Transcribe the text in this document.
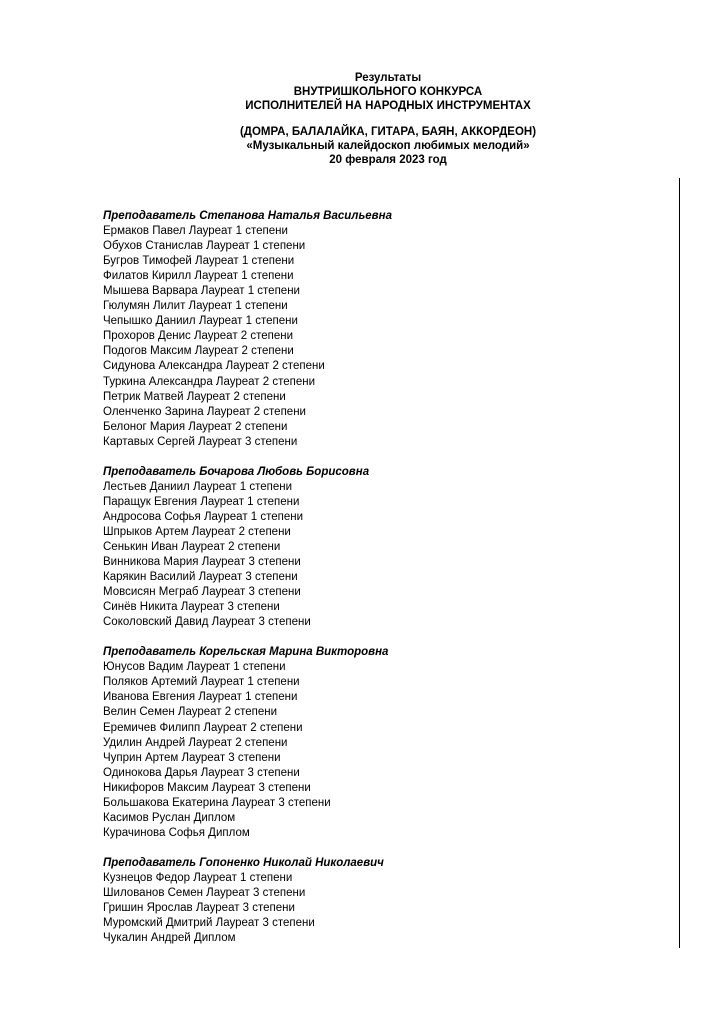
Результаты
ВНУТРИШКОЛЬНОГО КОНКУРСА
ИСПОЛНИТЕЛЕЙ НА НАРОДНЫХ ИНСТРУМЕНТАХ
(ДОМРА, БАЛАЛАЙКА, ГИТАРА, БАЯН, АККОРДЕОН)
«Музыкальный калейдоскоп любимых мелодий»
20 февраля 2023 год
Преподаватель Степанова Наталья Васильевна
Ермаков Павел Лауреат 1 степени
Обухов Станислав Лауреат 1 степени
Бугров Тимофей Лауреат 1 степени
Филатов Кирилл Лауреат 1 степени
Мышева Варвара Лауреат 1 степени
Гюлумян Лилит Лауреат 1 степени
Чепышко Даниил Лауреат 1 степени
Прохоров Денис Лауреат 2 степени
Подогов Максим Лауреат 2 степени
Сидунова Александра Лауреат 2 степени
Туркина Александра Лауреат 2 степени
Петрик Матвей Лауреат 2 степени
Оленченко Зарина Лауреат 2 степени
Белоног Мария Лауреат 2 степени
Картавых Сергей Лауреат 3 степени
Преподаватель Бочарова Любовь Борисовна
Лестьев Даниил Лауреат 1 степени
Паращук Евгения Лауреат 1 степени
Андросова Софья Лауреат 1 степени
Шпрыков Артем Лауреат 2 степени
Сенькин Иван Лауреат 2 степени
Винникова Мария Лауреат 3 степени
Карякин Василий Лауреат 3 степени
Мовсисян Меграб Лауреат 3 степени
Синёв Никита Лауреат 3 степени
Соколовский Давид Лауреат 3 степени
Преподаватель Корельская Марина Викторовна
Юнусов Вадим Лауреат 1 степени
Поляков Артемий Лауреат 1 степени
Иванова Евгения Лауреат 1 степени
Велин Семен Лауреат 2 степени
Еремичев Филипп Лауреат 2 степени
Удилин Андрей Лауреат 2 степени
Чуприн Артем Лауреат 3 степени
Одинокова Дарья Лауреат 3 степени
Никифоров Максим Лауреат 3 степени
Большакова Екатерина Лауреат 3 степени
Касимов Руслан Диплом
Курачинова Софья Диплом
Преподаватель Гопоненко Николай Николаевич
Кузнецов Федор Лауреат 1 степени
Шилованов Семен Лауреат 3 степени
Гришин Ярослав Лауреат 3 степени
Муромский Дмитрий Лауреат 3 степени
Чукалин Андрей Диплом
